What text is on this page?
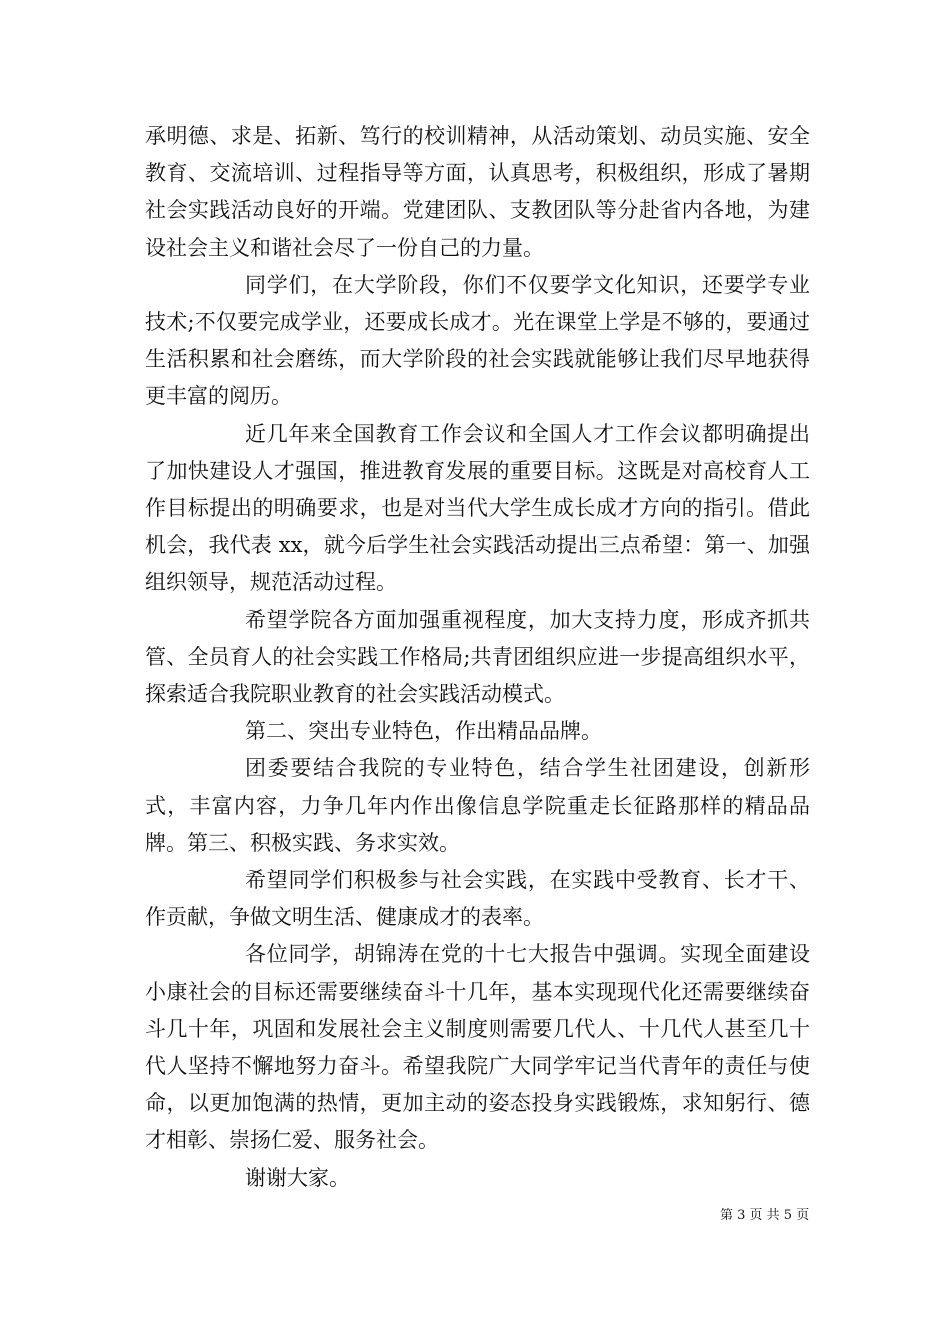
承明德、求是、拓新、笃行的校训精神，从活动策划、动员实施、安全教育、交流培训、过程指导等方面，认真思考，积极组织，形成了暑期社会实践活动良好的开端。党建团队、支教团队等分赴省内各地，为建设社会主义和谐社会尽了一份自己的力量。

同学们，在大学阶段，你们不仅要学文化知识，还要学专业技术;不仅要完成学业，还要成长成才。光在课堂上学是不够的，要通过生活积累和社会磨练，而大学阶段的社会实践就能够让我们尽早地获得更丰富的阅历。

近几年来全国教育工作会议和全国人才工作会议都明确提出了加快建设人才强国，推进教育发展的重要目标。这既是对高校育人工作目标提出的明确要求，也是对当代大学生成长成才方向的指引。借此机会，我代表 xx，就今后学生社会实践活动提出三点希望：第一、加强组织领导，规范活动过程。

希望学院各方面加强重视程度，加大支持力度，形成齐抓共管、全员育人的社会实践工作格局;共青团组织应进一步提高组织水平，探索适合我院职业教育的社会实践活动模式。

第二、突出专业特色，作出精品品牌。

团委要结合我院的专业特色，结合学生社团建设，创新形式，丰富内容，力争几年内作出像信息学院重走长征路那样的精品品牌。第三、积极实践、务求实效。

希望同学们积极参与社会实践，在实践中受教育、长才干、作贡献，争做文明生活、健康成才的表率。

各位同学，胡锦涛在党的十七大报告中强调。实现全面建设小康社会的目标还需要继续奋斗十几年，基本实现现代化还需要继续奋斗几十年，巩固和发展社会主义制度则需要几代人、十几代人甚至几十代人坚持不懈地努力奋斗。希望我院广大同学牢记当代青年的责任与使命，以更加饱满的热情，更加主动的姿态投身实践锻炼，求知躬行、德才相彰、崇扬仁爱、服务社会。

谢谢大家。

第 3 页 共 5 页
